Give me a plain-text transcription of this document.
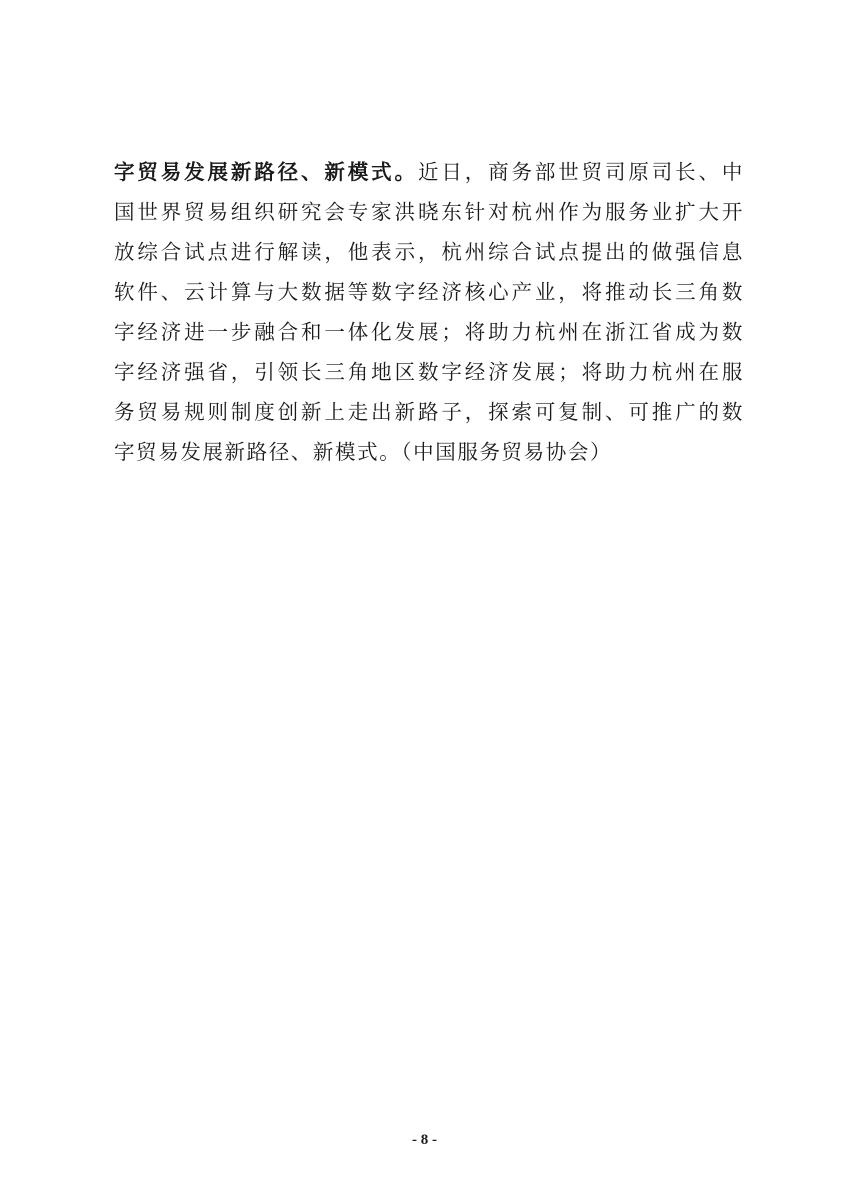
字贸易发展新路径、新模式。近日，商务部世贸司原司长、中
国世界贸易组织研究会专家洪晓东针对杭州作为服务业扩大开
放综合试点进行解读，他表示，杭州综合试点提出的做强信息
软件、云计算与大数据等数字经济核心产业，将推动长三角数
字经济进一步融合和一体化发展；将助力杭州在浙江省成为数
字经济强省，引领长三角地区数字经济发展；将助力杭州在服
务贸易规则制度创新上走出新路子，探索可复制、可推广的数
字贸易发展新路径、新模式。（中国服务贸易协会）

- 8 -
